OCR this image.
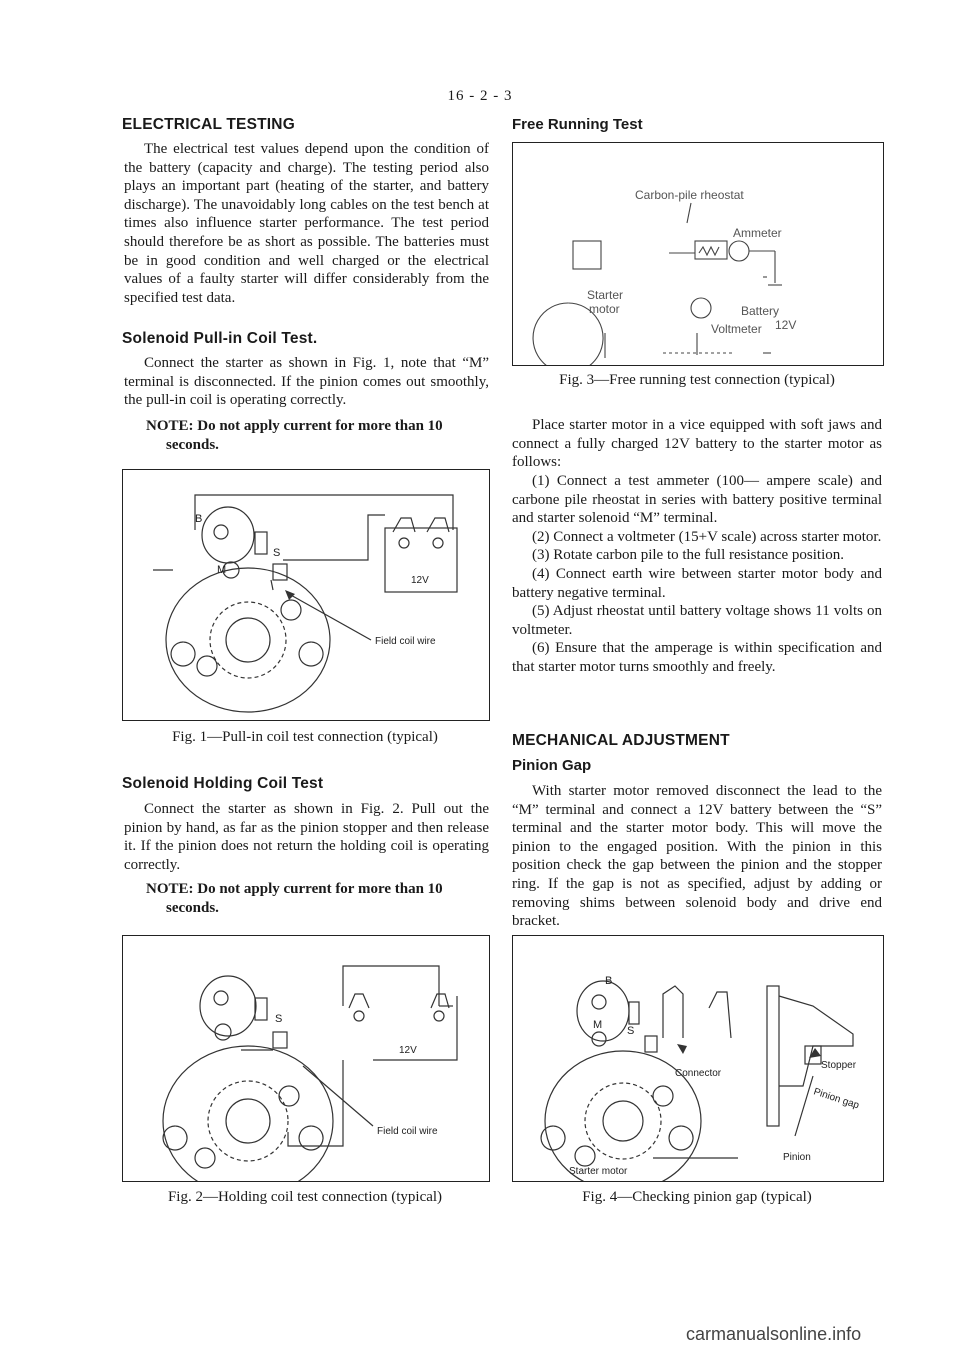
16 - 2 - 3
ELECTRICAL TESTING

The electrical test values depend upon the condition of the battery (capacity and charge). The testing period also plays an important part (heating of the starter, and battery discharge). The unavoidably long cables on the test bench at times also influence starter performance. The test period should therefore be as short as possible. The batteries must be in good condition and well charged or the electrical values of a faulty starter will differ considerably from the specified test data.

Solenoid Pull-in Coil Test.

Connect the starter as shown in Fig. 1, note that “M” terminal is disconnected. If the pinion comes out smoothly, the pull-in coil is operating correctly.

NOTE: Do not apply current for more than 10
seconds.
B
S
M
12V
Field coil wire
Fig. 1—Pull-in coil test connection (typical)
Solenoid Holding Coil Test

Connect the starter as shown in Fig. 2. Pull out the pinion by hand, as far as the pinion stopper and then release it. If the pinion does not return the holding coil is operating correctly.

NOTE: Do not apply current for more than 10
seconds.
S
12V
Field coil wire
Fig. 2—Holding coil test connection (typical)
Free Running Test
Carbon-pile rheostat
Ammeter
Starter
motor	Battery
Voltmeter 12V
Fig. 3—Free running test connection (typical)

Place starter motor in a vice equipped with soft jaws and connect a fully charged 12V battery to the starter motor as follows:

(1) Connect a test ammeter (100— ampere scale) and carbone pile rheostat in series with battery positive terminal and starter solenoid “M” terminal.

(2) Connect a voltmeter (15+V scale) across starter motor.

(3) Rotate carbon pile to the full resistance position.

(4) Connect earth wire between starter motor body and battery negative terminal.

(5) Adjust rheostat until battery voltage shows 11 volts on voltmeter.

(6) Ensure that the amperage is within specification and that starter motor turns smoothly and freely.

MECHANICAL ADJUSTMENT
Pinion Gap

With starter motor removed disconnect the lead to the “M” terminal and connect a 12V battery between the “S” terminal and the starter motor body. This will move the pinion to the engaged position. With the pinion in this position check the gap between the pinion and the stopper ring. If the gap is not as specified, adjust by adding or removing shims between solenoid body and drive end bracket.

B
S
M
Connector
Stopper
Pinion gap
Pinion
Starter motor
Fig. 4—Checking pinion gap (typical)
carmanualsonline.info
